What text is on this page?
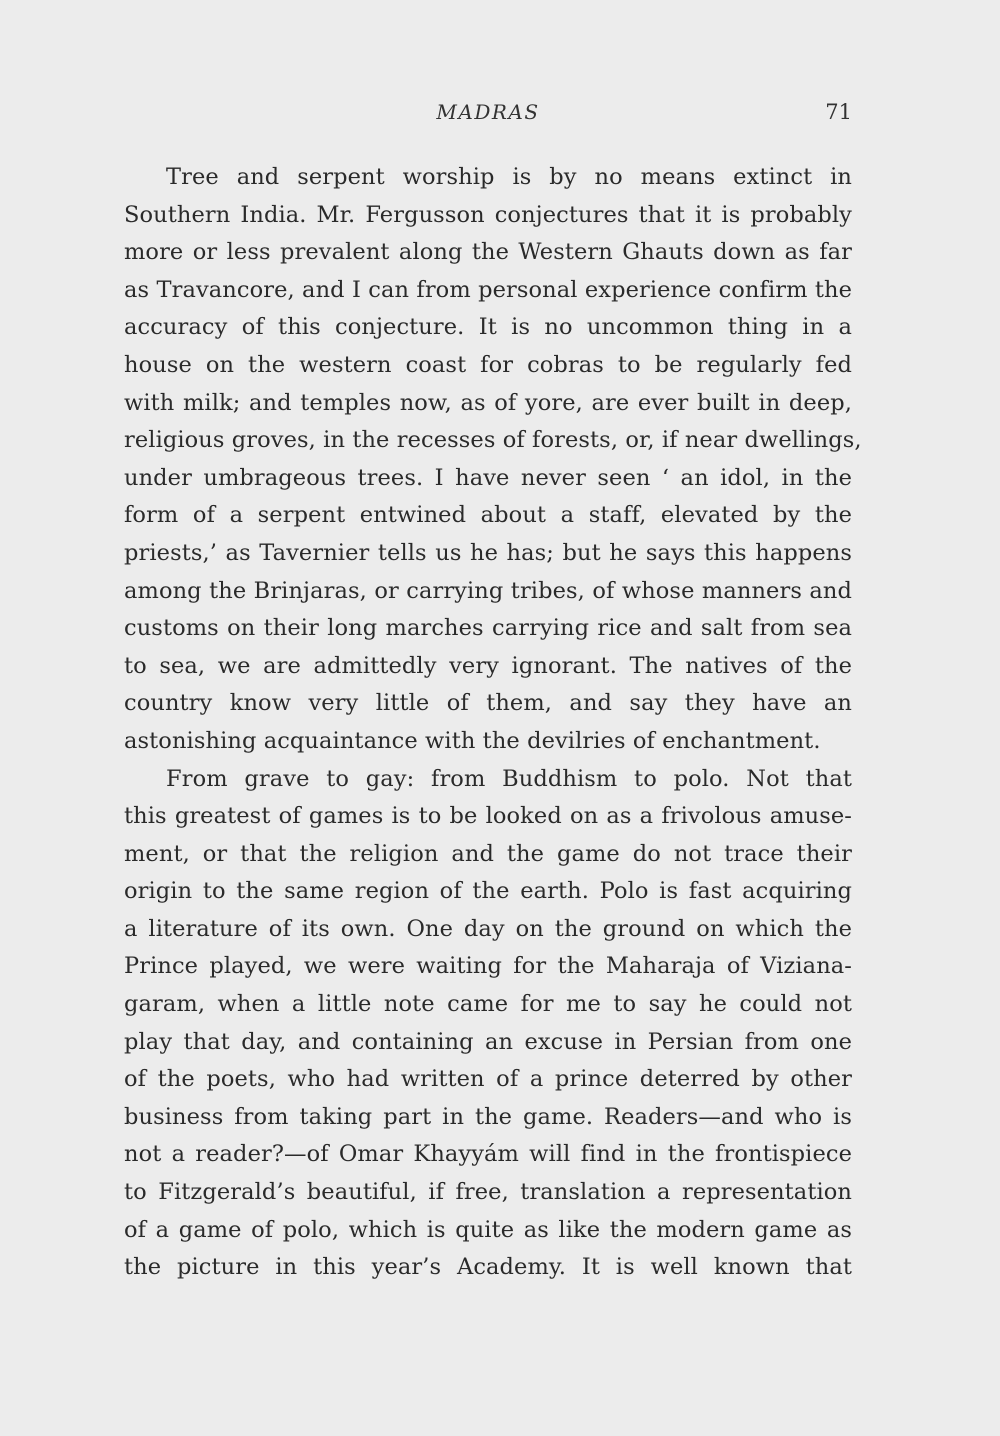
MADRAS	71
Tree and serpent worship is by no means extinct in
Southern India. Mr. Fergusson conjectures that it is probably
more or less prevalent along the Western Ghauts down as far
as Travancore, and I can from personal experience confirm the
accuracy of this conjecture. It is no uncommon thing in a
house on the western coast for cobras to be regularly fed
with milk; and temples now, as of yore, are ever built in deep,
religious groves, in the recesses of forests, or, if near dwellings,
under umbrageous trees. I have never seen ‘ an idol, in the
form of a serpent entwined about a staff, elevated by the
priests,’ as Tavernier tells us he has; but he says this happens
among the Brinjaras, or carrying tribes, of whose manners and
customs on their long marches carrying rice and salt from sea
to sea, we are admittedly very ignorant. The natives of the
country know very little of them, and say they have an
astonishing acquaintance with the devilries of enchantment.
From grave to gay: from Buddhism to polo. Not that
this greatest of games is to be looked on as a frivolous amuse-
ment, or that the religion and the game do not trace their
origin to the same region of the earth. Polo is fast acquiring
a literature of its own. One day on the ground on which the
Prince played, we were waiting for the Maharaja of Viziana-
garam, when a little note came for me to say he could not
play that day, and containing an excuse in Persian from one
of the poets, who had written of a prince deterred by other
business from taking part in the game. Readers—and who is
not a reader?—of Omar Khayyám will find in the frontispiece
to Fitzgerald’s beautiful, if free, translation a representation
of a game of polo, which is quite as like the modern game as
the picture in this year’s Academy. It is well known that
